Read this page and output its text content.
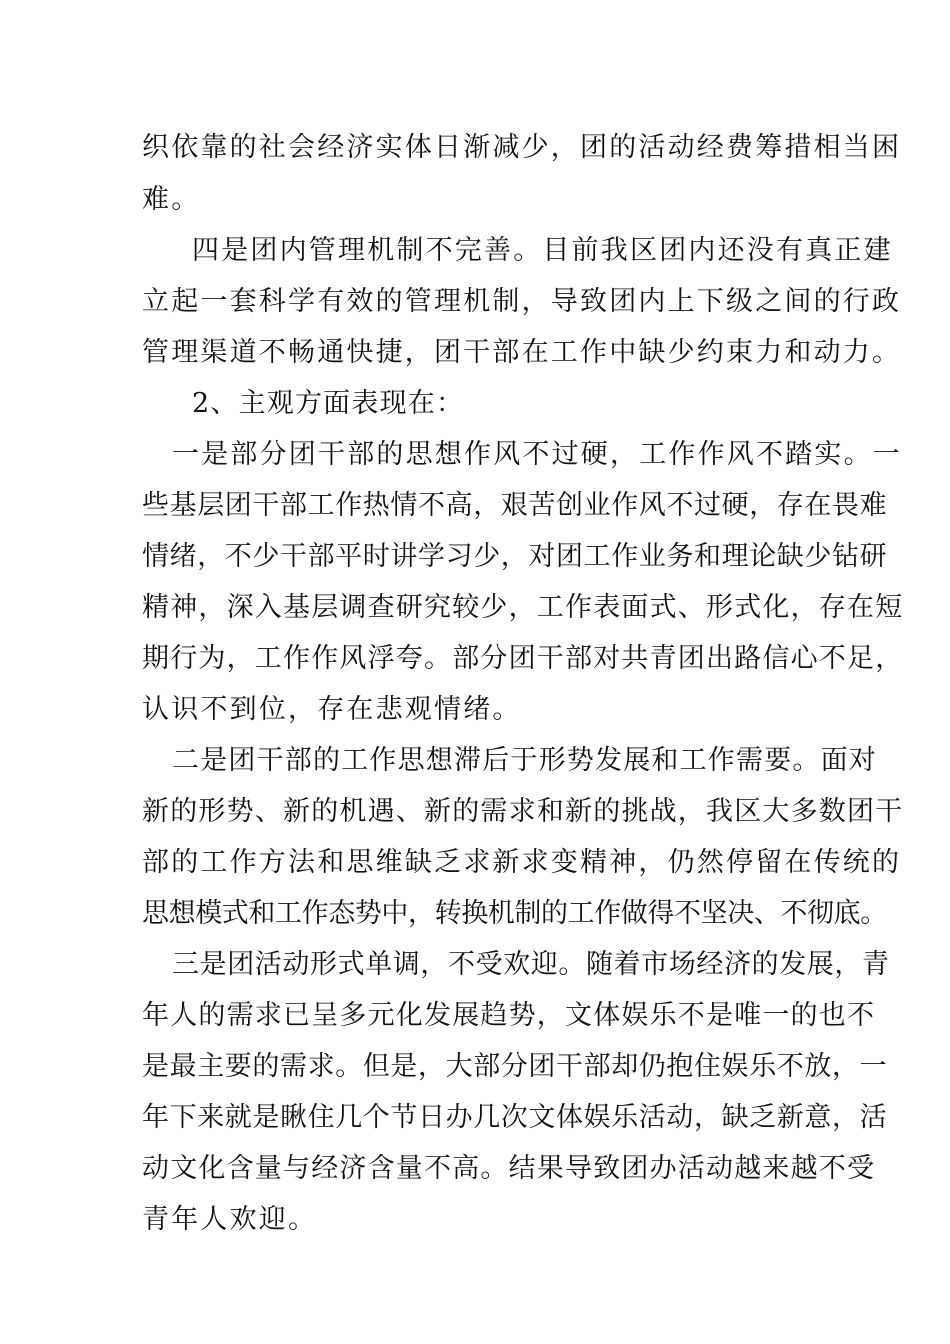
织依靠的社会经济实体日渐减少，团的活动经费筹措相当困
难。
四是团内管理机制不完善。目前我区团内还没有真正建
立起一套科学有效的管理机制，导致团内上下级之间的行政
管理渠道不畅通快捷，团干部在工作中缺少约束力和动力。
2、主观方面表现在：
一是部分团干部的思想作风不过硬，工作作风不踏实。一
些基层团干部工作热情不高，艰苦创业作风不过硬，存在畏难
情绪，不少干部平时讲学习少，对团工作业务和理论缺少钻研
精神，深入基层调查研究较少，工作表面式、形式化，存在短
期行为，工作作风浮夸。部分团干部对共青团出路信心不足，
认识不到位，存在悲观情绪。
二是团干部的工作思想滞后于形势发展和工作需要。面对
新的形势、新的机遇、新的需求和新的挑战，我区大多数团干
部的工作方法和思维缺乏求新求变精神，仍然停留在传统的
思想模式和工作态势中，转换机制的工作做得不坚决、不彻底。
三是团活动形式单调，不受欢迎。随着市场经济的发展，青
年人的需求已呈多元化发展趋势，文体娱乐不是唯一的也不
是最主要的需求。但是，大部分团干部却仍抱住娱乐不放，一
年下来就是瞅住几个节日办几次文体娱乐活动，缺乏新意，活
动文化含量与经济含量不高。结果导致团办活动越来越不受
青年人欢迎。
